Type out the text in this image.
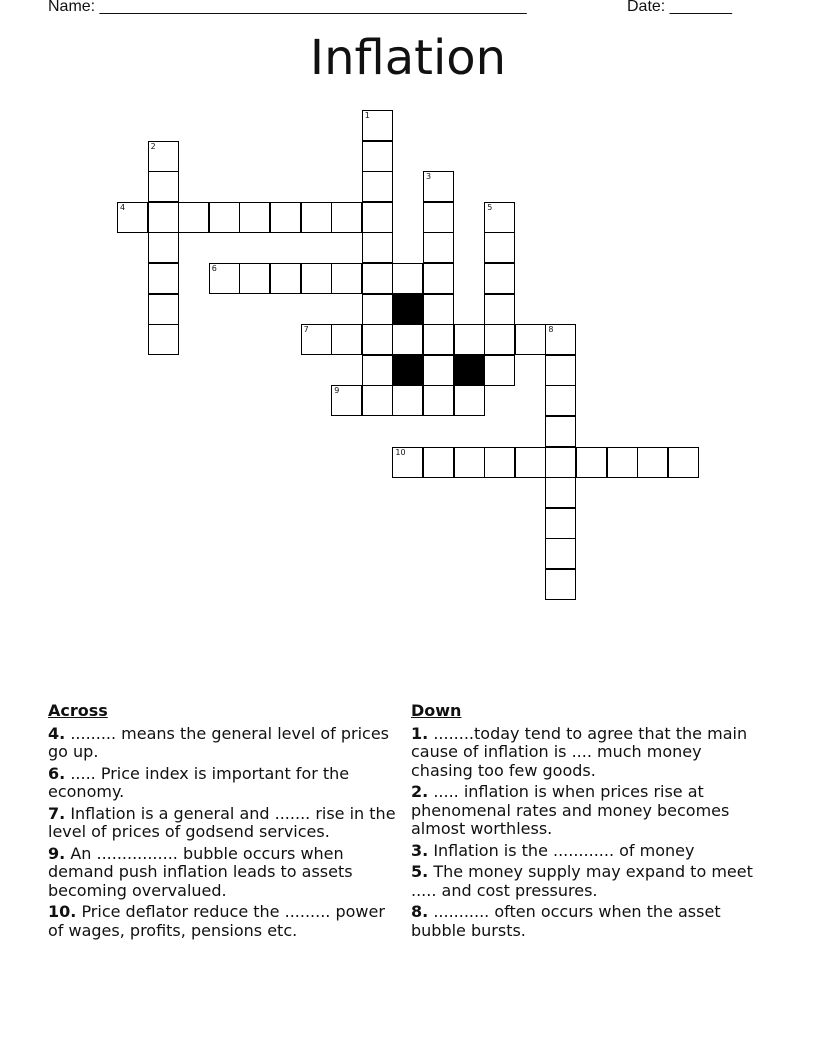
Name: ________________________________________________	Date: _______
Inflation
1
2
3
4	5
6
7	8
9
10
Across
4. ......... means the general level of prices go up.
6. ..... Price index is important for the economy.
7. Inflation is a general and ....... rise in the level of prices of godsend services.
9. An ................ bubble occurs when demand push inflation leads to assets becoming overvalued.
10. Price deflator reduce the ......... power of wages, profits, pensions etc.
Down
1. ........today tend to agree that the main cause of inflation is .... much money chasing too few goods.
2. ..... inflation is when prices rise at phenomenal rates and money becomes almost worthless.
3. Inflation is the ............ of money
5. The money supply may expand to meet ..... and cost pressures.
8. ........... often occurs when the asset bubble bursts.
